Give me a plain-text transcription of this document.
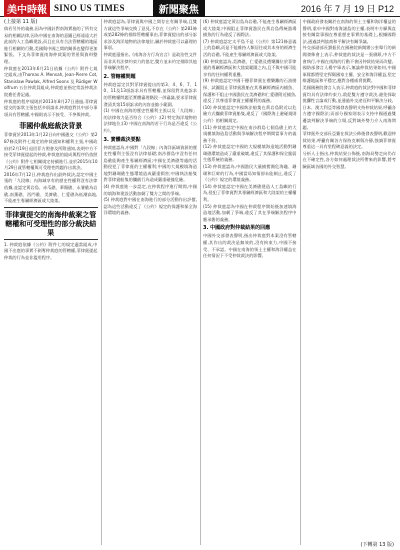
美中時報 SINO US TIMES	新聞聚焦	2016 年 7 月 19 日 P12
(上接第 11 版)
倘若另外的義務,因為中國針對南海實施的了所有交易的相關法律,因為中國在南海的意圖已經遠遠大於此前的人工島嶼建設,而且在具有合法管轄權的地區進行相關的行動,美國與中國之間的關係也變得更加緊張。下文為菲律賓南海仲裁案的背景與資料整理。
仲裁庭在2013年6月21日依據《公約》附件七規定組成,由Thomas A. Mensah, Jean-Pierre Cot, Stanislaw Pawlak, Alfred Soons 及 Rüdiger Wolfrum 五位仲裁員組成,仲裁庭並指定常設仲裁法院擔任書記處。
仲裁庭的程序規則於2013年8月27日通過,菲律賓提交的訴狀主張包括多項請求,仲裁庭對其中部分事項具有管轄權,中國則表示不接受、不參與仲裁。
菲國仲裁庭裁決背景
菲律賓於2013年1月22日向中國遞交《公約》第287條及附件七規定的仲裁通知和權利主張,中國政府於2月19日退回菲方照會及所附通知,表明中方不接受菲律賓提起的仲裁,仲裁庭的組成與程序仍依照《公約》附件七相關規定持續進行,並於2015年10月29日就管轄權與可受理性問題作出裁決。
2016年7月12日,仲裁庭作出最終裁決,認定中國主張的「九段線」內海域享有的歷史性權利沒有法律依據,並認定黃岩島、赤瓜礁、華陽礁、永暑礁為岩礁,南薰礁、西門礁、美濟礁、仁愛礁為低潮高地,不能產生專屬經濟區或大陸架。
菲律賓提交的南海仲裁案之管轄權和可受理性的部分裁決結果
1. 仲裁庭依據《公約》附件七的規定適當組成,中國不出庭的事實不剝奪仲裁庭的管轄權,菲律賓提起仲裁的行為並非濫用程序。
仲裁庭認為,菲律賓與中國之間存在有關爭端,且雙方就這些爭端交換了意見,不存在《公約》第281條或第282條的排除管轄權事由,菲律賓提出的部分訴求涉及海洋地物的法律地位,屬於仲裁庭可以審理的事項。
仲裁庭還指出,《南海各方行為宣言》是政治性文件而非具有法律約束力的協定,雙方並未約定排除其他爭端解決程序。
2. 管轄權問題
仲裁庭認定其對菲律賓提出的第3、4、6、7、10、11及13項訴求具有管轄權,並保留對其他訴求的管轄權問題至實體審理階段一併審議,要求菲律賓澄清其第15項訴求的內容並縮小範圍。
(1) 中國在南海的歷史性權利主張以及「九段線」的法律效力是否符合《公約》;(2) 特定海洋地物的法律地位;(3) 中國在南海的若干行為是否違反《公約》。
3. 實體裁決要點
仲裁庭認為,中國對「九段線」內海洋區域資源的歷史性權利主張沒有法律基礎;南沙群島中沒有任何島礁能夠產生專屬經濟區;中國在美濟礁等處的活動侵犯了菲律賓的主權權利;中國的大規模填海造地對珊瑚礁生態環境造成嚴重損害;中國執法船隻對菲律賓船隻的攔截行為造成嚴重碰撞危險。
(4) 仲裁庭進一步認定,在仲裁程序進行期間,中國的填海和建設活動加劇了雙方之間的爭端。
(5) 仲裁庭對中國在南海進行的部分活動作出評價,認為這些活動違反了《公約》規定的保護和保全海洋環境的義務。
(6) 仲裁庭認定黃岩島為岩礁,不能產生專屬經濟區或大陸架;中國阻止菲律賓漁民在黃岩島傳統漁場捕魚的行為違反了國際法。
(7) 仲裁庭認定太平島不是《公約》第121條意義上的島嶼,而是不能維持人類居住或其本身的經濟生活的岩礁,不能產生專屬經濟區或大陸架。
(8) 仲裁庭認為,美濟礁、仁愛礁及禮樂灘位於菲律賓的專屬經濟區和大陸架範圍之內,且不與中國可能享有的任何權利重疊。
(9) 仲裁庭認定中國干擾菲律賓在禮樂灘的石油勘探、試圖阻止菲律賓漁船在其專屬經濟區內捕魚、保護和不阻止中國漁民在美濟礁和仁愛礁附近捕魚,違反了其尊重菲律賓主權權利的義務。
(10) 仲裁庭認定中國執法船隻在黃岩島附近以危險方式攔截菲律賓船隻,違反了《國際海上避碰規則公約》的相關規定。
(11) 仲裁庭認定中國在南沙群島七個島礁上的大規模填海造島活動與爭端解決程序期間當事方的義務不符。
(12) 仲裁庭認定中國的大規模填海造地活動對珊瑚礁環境造成了嚴重破壞,違反了其保護和保全脆弱生態系統的義務。
(13) 仲裁庭認為,中國漁民大量捕撈瀕危海龜、珊瑚和巨蚌的行為,中國當局知情卻未能制止,違反了《公約》規定的環境義務。
(14) 仲裁庭認定中國在美濟礁建造人工島嶼的行為,侵犯了菲律賓對其專屬經濟區和大陸架的主權權利。
(15) 仲裁庭認為中國在仲裁程序開始後加速填海造地活動,加劇了爭端,違反了其在爭端解決程序中應承擔的義務。
3. 中國政府對仲裁結果的回應
中國外交部發表聲明,指出仲裁庭對本案沒有管轄權,其作出的裁決是無效的,沒有拘束力,中國不接受、不承認。中國在南海的領土主權和海洋權益在任何情況下不受仲裁裁決的影響。
中國政府發表關於在南海的領土主權和海洋權益的聲明,重申中國對南海諸島的主權,表明中方願與直接有關當事國在尊重歷史事實的基礎上,根據國際法,通過談判協商和平解決有關爭議。
外交部副部長劉振民在國務院新聞辦公室舉行的新聞發佈會上表示,仲裁庭的裁決是一張廢紙,中方不會執行,中國在南海的行動不會因仲裁結果而改變。
國防部發言人楊宇軍表示,無論仲裁結果如何,中國軍隊都將堅定捍衛國家主權、安全和海洋權益,堅定維護地區和平穩定,應對各種威脅挑戰。
美國國務院發言人表示,仲裁庭的裁決對中國和菲律賓均具有法律約束力,敦促雙方遵守裁決,避免採取挑釁性言論或行動,並通過外交途徑和平解決分歧。
日本、澳大利亞等國發表聲明支持仲裁結果,呼籲各方遵守國際法;而部分國家則表示支持中國通過雙邊談判解決爭端的立場,反對域外勢力介入南海問題。
菲律賓外交部長亞賽在裁決公佈後發表聲明,歡迎仲裁結果,呼籲有關各方保持克制與冷靜,強調菲律賓尊重這一具有里程碑意義的決定。
分析人士指出,仲裁結果公佈後,南海局勢走向仍存在不確定性,各方如何處理裁決所帶來的影響,將考驗區域各國的外交智慧。
(下轉第 13 版)
